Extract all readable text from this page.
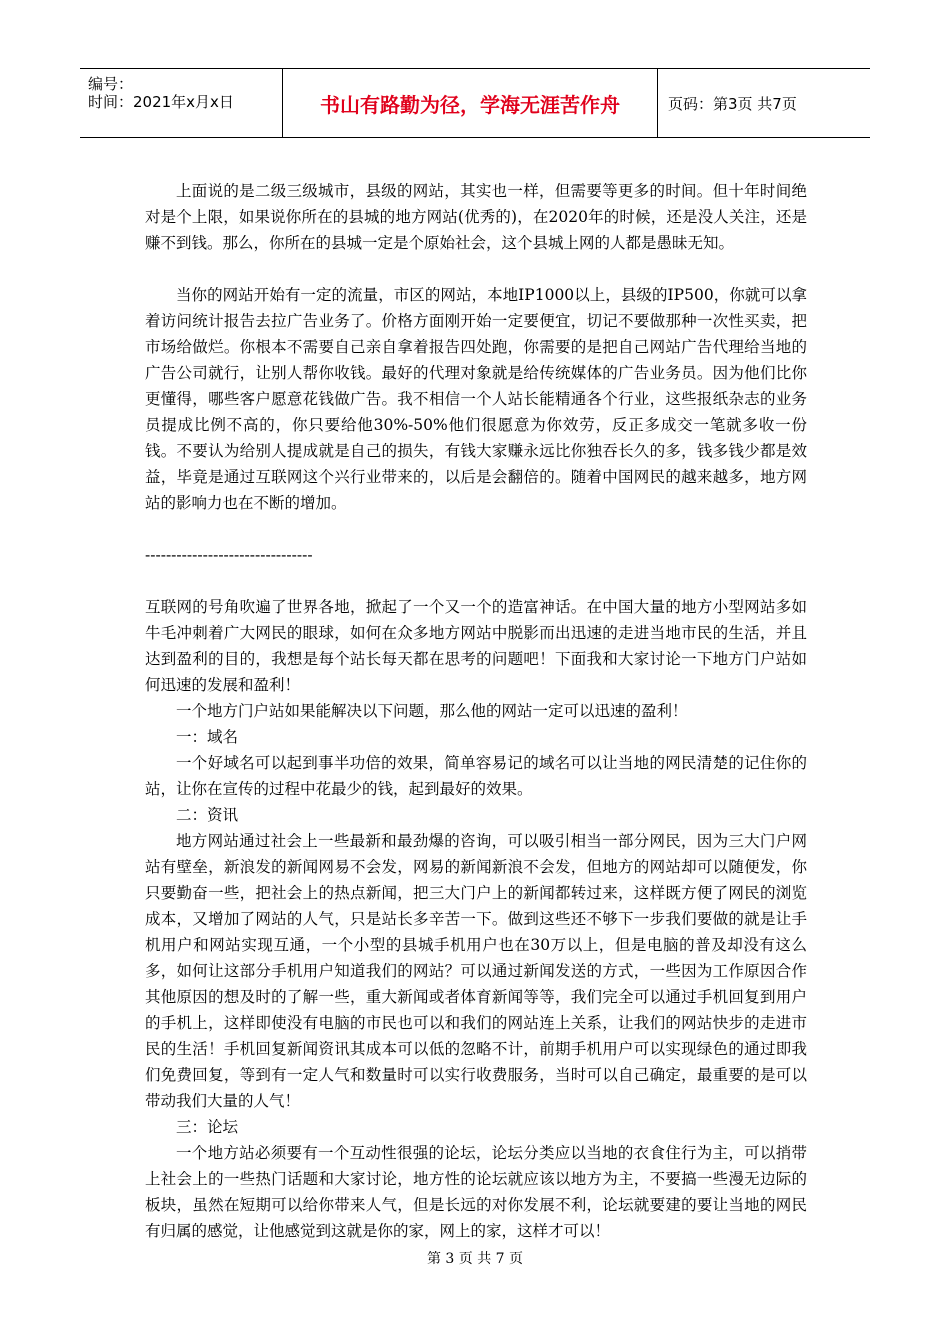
编号：
时间：2021年x月x日	书山有路勤为径，学海无涯苦作舟	页码：第3页 共7页

上面说的是二级三级城市，县级的网站，其实也一样，但需要等更多的时间。但十年时间绝对是个上限，如果说你所在的县城的地方网站(优秀的)，在2020年的时候，还是没人关注，还是赚不到钱。那么，你所在的县城一定是个原始社会，这个县城上网的人都是愚昧无知。

当你的网站开始有一定的流量，市区的网站，本地IP1000以上，县级的IP500，你就可以拿着访问统计报告去拉广告业务了。价格方面刚开始一定要便宜，切记不要做那种一次性买卖，把市场给做烂。你根本不需要自己亲自拿着报告四处跑，你需要的是把自己网站广告代理给当地的广告公司就行，让别人帮你收钱。最好的代理对象就是给传统媒体的广告业务员。因为他们比你更懂得，哪些客户愿意花钱做广告。我不相信一个人站长能精通各个行业，这些报纸杂志的业务员提成比例不高的，你只要给他30%-50%他们很愿意为你效劳，反正多成交一笔就多收一份钱。不要认为给别人提成就是自己的损失，有钱大家赚永远比你独吞长久的多，钱多钱少都是效益，毕竟是通过互联网这个兴行业带来的，以后是会翻倍的。随着中国网民的越来越多，地方网站的影响力也在不断的增加。

--------------------------------

互联网的号角吹遍了世界各地，掀起了一个又一个的造富神话。在中国大量的地方小型网站多如牛毛冲刺着广大网民的眼球，如何在众多地方网站中脱影而出迅速的走进当地市民的生活，并且达到盈利的目的，我想是每个站长每天都在思考的问题吧！下面我和大家讨论一下地方门户站如何迅速的发展和盈利！

一个地方门户站如果能解决以下问题，那么他的网站一定可以迅速的盈利！

一：域名

一个好域名可以起到事半功倍的效果，简单容易记的域名可以让当地的网民清楚的记住你的站，让你在宣传的过程中花最少的钱，起到最好的效果。

二：资讯

地方网站通过社会上一些最新和最劲爆的咨询，可以吸引相当一部分网民，因为三大门户网站有壁垒，新浪发的新闻网易不会发，网易的新闻新浪不会发，但地方的网站却可以随便发，你只要勤奋一些，把社会上的热点新闻，把三大门户上的新闻都转过来，这样既方便了网民的浏览成本，又增加了网站的人气，只是站长多辛苦一下。做到这些还不够下一步我们要做的就是让手机用户和网站实现互通，一个小型的县城手机用户也在30万以上，但是电脑的普及却没有这么多，如何让这部分手机用户知道我们的网站？可以通过新闻发送的方式，一些因为工作原因合作其他原因的想及时的了解一些，重大新闻或者体育新闻等等，我们完全可以通过手机回复到用户的手机上，这样即使没有电脑的市民也可以和我们的网站连上关系，让我们的网站快步的走进市民的生活！手机回复新闻资讯其成本可以低的忽略不计，前期手机用户可以实现绿色的通过即我们免费回复，等到有一定人气和数量时可以实行收费服务，当时可以自己确定，最重要的是可以带动我们大量的人气！

三：论坛

一个地方站必须要有一个互动性很强的论坛，论坛分类应以当地的衣食住行为主，可以捎带上社会上的一些热门话题和大家讨论，地方性的论坛就应该以地方为主，不要搞一些漫无边际的板块，虽然在短期可以给你带来人气，但是长远的对你发展不利，论坛就要建的要让当地的网民有归属的感觉，让他感觉到这就是你的家，网上的家，这样才可以！

第 3 页 共 7 页
